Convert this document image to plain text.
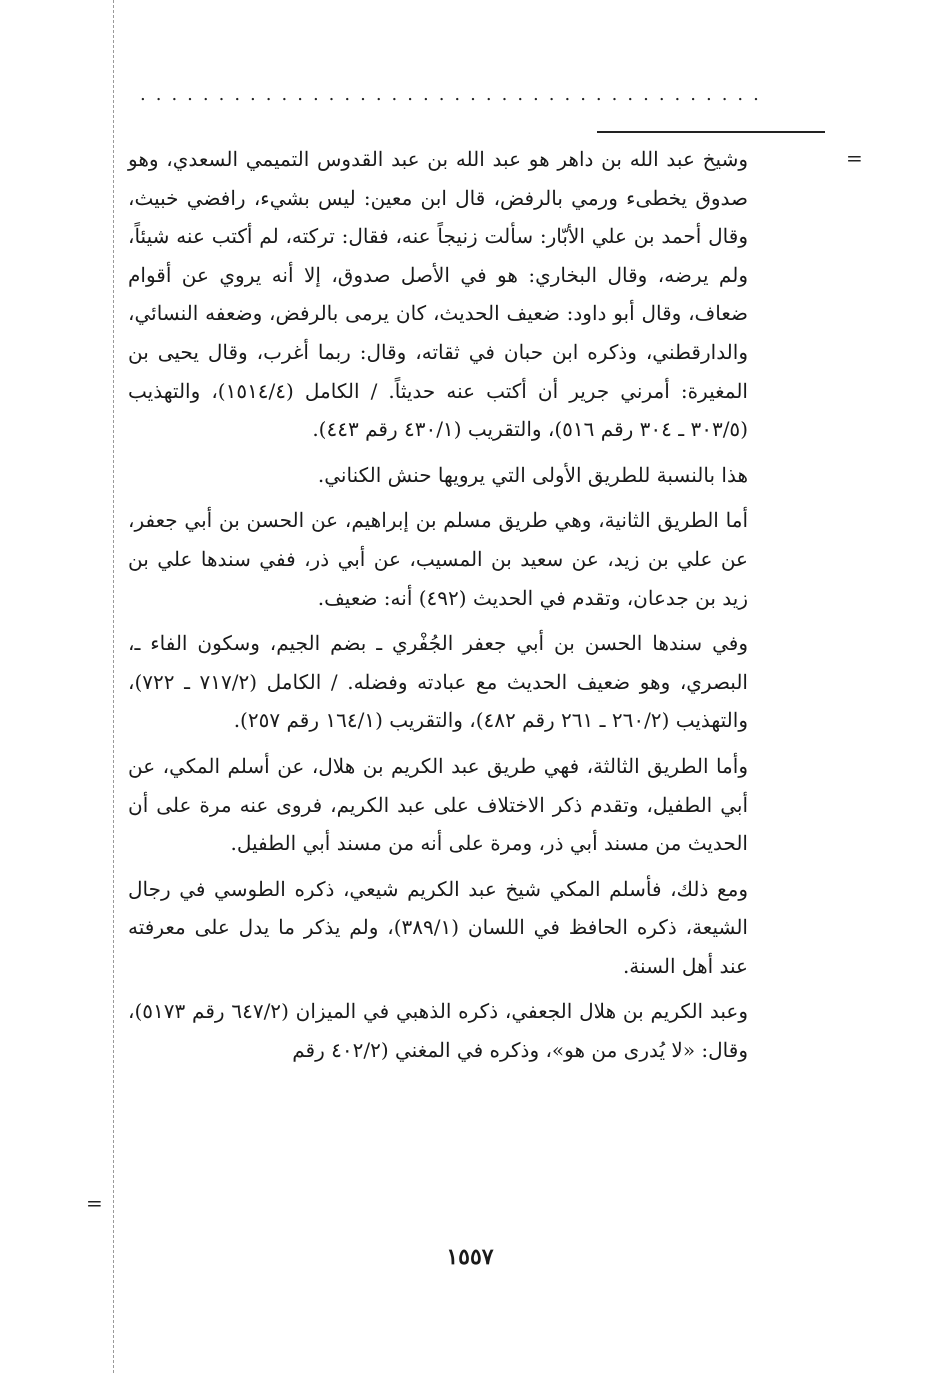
........................................
=
=

وشيخ عبد الله بن داهر هو عبد الله بن عبد القدوس التميمي السعدي، وهو صدوق يخطىء ورمي بالرفض، قال ابن معين: ليس بشيء، رافضي خبيث، وقال أحمد بن علي الأبّار: سألت زنيجاً عنه، فقال: تركته، لم أكتب عنه شيئاً، ولم يرضه، وقال البخاري: هو في الأصل صدوق، إلا أنه يروي عن أقوام ضعاف، وقال أبو داود: ضعيف الحديث، كان يرمى بالرفض، وضعفه النسائي، والدارقطني، وذكره ابن حبان في ثقاته، وقال: ربما أغرب، وقال يحيى بن المغيرة: أمرني جرير أن أكتب عنه حديثاً. / الكامل (١٥١٤/٤)، والتهذيب (٣٠٣/٥ ـ ٣٠٤ رقم ٥١٦)، والتقريب (٤٣٠/١ رقم ٤٤٣).

هذا بالنسبة للطريق الأولى التي يرويها حنش الكناني.

أما الطريق الثانية، وهي طريق مسلم بن إبراهيم، عن الحسن بن أبي جعفر، عن علي بن زيد، عن سعيد بن المسيب، عن أبي ذر، ففي سندها علي بن زيد بن جدعان، وتقدم في الحديث (٤٩٢) أنه: ضعيف.

وفي سندها الحسن بن أبي جعفر الجُفْري ـ بضم الجيم، وسكون الفاء ـ، البصري، وهو ضعيف الحديث مع عبادته وفضله. / الكامل (٧١٧/٢ ـ ٧٢٢)، والتهذيب (٢٦٠/٢ ـ ٢٦١ رقم ٤٨٢)، والتقريب (١٦٤/١ رقم ٢٥٧).

وأما الطريق الثالثة، فهي طريق عبد الكريم بن هلال، عن أسلم المكي، عن أبي الطفيل، وتقدم ذكر الاختلاف على عبد الكريم، فروى عنه مرة على أن الحديث من مسند أبي ذر، ومرة على أنه من مسند أبي الطفيل.

ومع ذلك، فأسلم المكي شيخ عبد الكريم شيعي، ذكره الطوسي في رجال الشيعة، ذكره الحافظ في اللسان (٣٨٩/١)، ولم يذكر ما يدل على معرفته عند أهل السنة.

وعبد الكريم بن هلال الجعفي، ذكره الذهبي في الميزان (٦٤٧/٢ رقم ٥١٧٣)، وقال: «لا يُدرى من هو»، وذكره في المغني (٤٠٢/٢ رقم

١٥٥٧
